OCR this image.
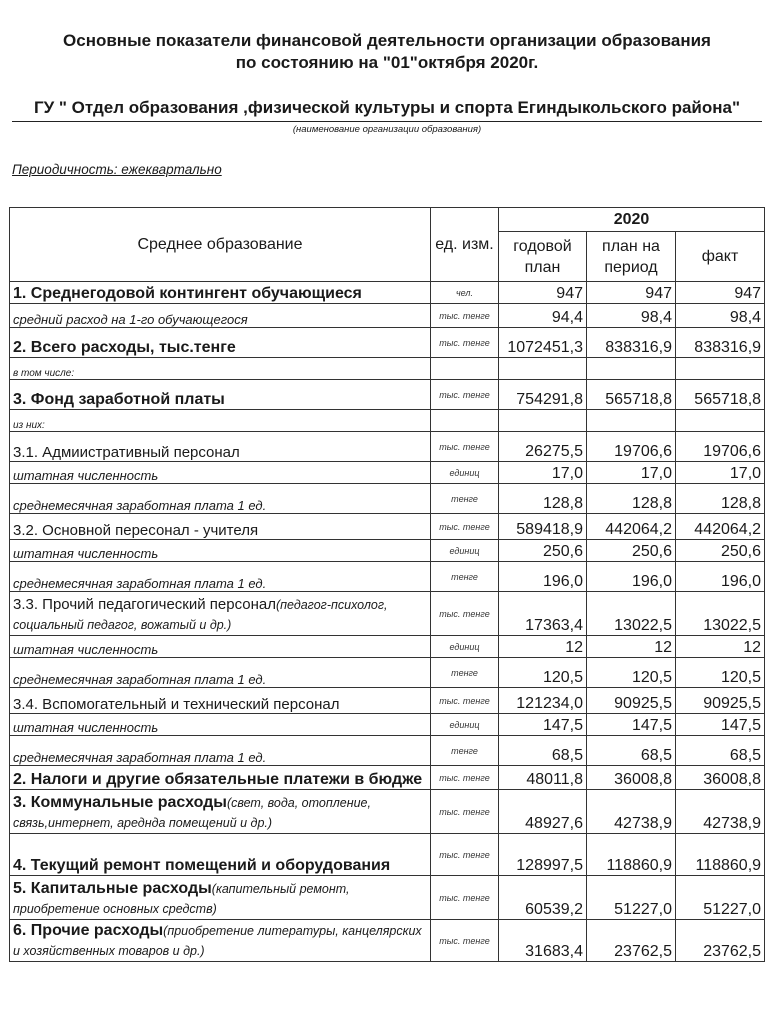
Основные показатели финансовой деятельности организации образования
по состоянию на "01"октября 2020г.
ГУ " Отдел образования ,физической культуры и спорта Егиндыкольского района"
(наименование организации образования)
Периодичность: ежеквартально
Среднее образование	ед. изм.	2020		
		годовой план	план на период	факт
1. Среднегодовой контингент обучающиеся	чел.	947	947	947
средний расход на 1-го обучающегося	тыс. тенге	94,4	98,4	98,4
2. Всего расходы, тыс.тенге	тыс. тенге	1072451,3	838316,9	838316,9
в том числе:				
3. Фонд заработной платы	тыс. тенге	754291,8	565718,8	565718,8
из них:				
3.1. Адмиистративный персонал	тыс. тенге	26275,5	19706,6	19706,6
штатная численность	единиц	17,0	17,0	17,0
среднемесячная заработная плата 1 ед.	тенге	128,8	128,8	128,8
3.2. Основной пересонал - учителя	тыс. тенге	589418,9	442064,2	442064,2
штатная численность	единиц	250,6	250,6	250,6
среднемесячная заработная плата 1 ед.	тенге	196,0	196,0	196,0
3.3. Прочий педагогический персонал(педагог-психолог, социальный педагог, вожатый и др.)	тыс. тенге	17363,4	13022,5	13022,5
штатная численность	единиц	12	12	12
среднемесячная заработная плата 1 ед.	тенге	120,5	120,5	120,5
3.4. Вспомогательный и технический персонал	тыс. тенге	121234,0	90925,5	90925,5
штатная численность	единиц	147,5	147,5	147,5
среднемесячная заработная плата 1 ед.	тенге	68,5	68,5	68,5
2. Налоги и другие обязательные платежи в бюдже	тыс. тенге	48011,8	36008,8	36008,8
3. Коммунальные расходы(свет, вода, отопление, связь,интернет, аредндa помещений и др.)	тыс. тенге	48927,6	42738,9	42738,9
4. Текущий ремонт помещений и оборудования	тыс. тенге	128997,5	118860,9	118860,9
5. Капитальные расходы(капительный ремонт, приобретение основных средств)	тыс. тенге	60539,2	51227,0	51227,0
6. Прочие расходы(приобретение литературы, канцелярских и хозяйственных товаров и др.)	тыс. тенге	31683,4	23762,5	23762,5
